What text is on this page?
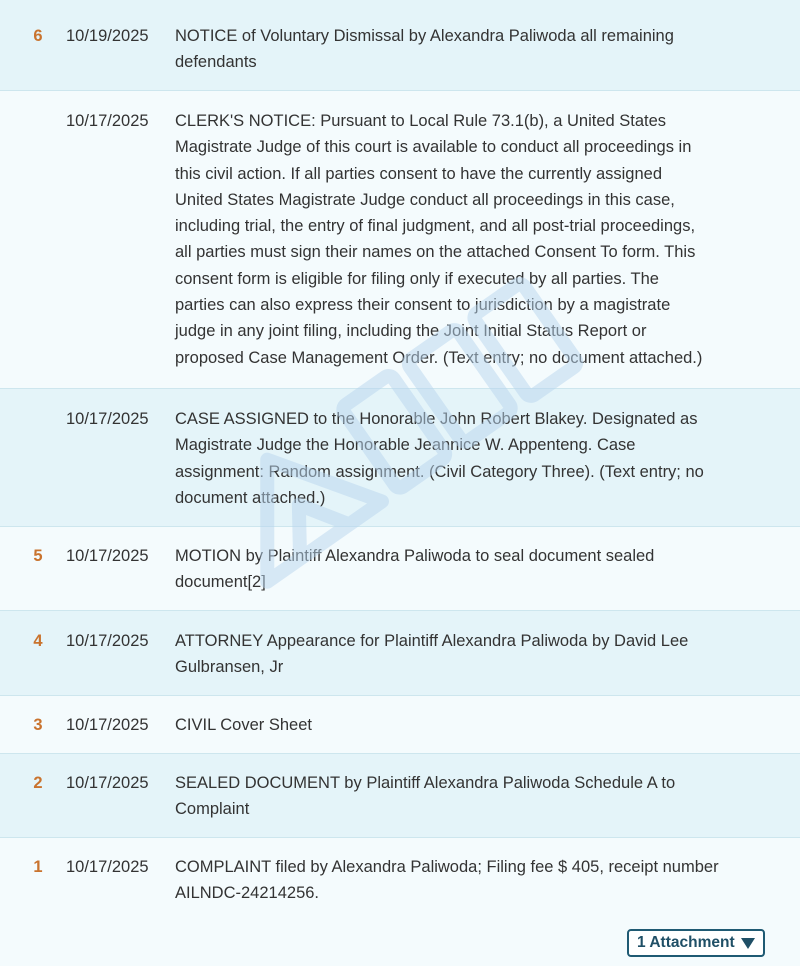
6 10/19/2025 NOTICE of Voluntary Dismissal by Alexandra Paliwoda all remaining
defendants
10/17/2025 CLERK'S NOTICE: Pursuant to Local Rule 73.1(b), a United States
Magistrate Judge of this court is available to conduct all proceedings in
this civil action. If all parties consent to have the currently assigned
United States Magistrate Judge conduct all proceedings in this case,
including trial, the entry of final judgment, and all post-trial proceedings,
all parties must sign their names on the attached Consent To form. This
consent form is eligible for filing only if executed by all parties. The
parties can also express their consent to jurisdiction by a magistrate
judge in any joint filing, including the Joint Initial Status Report or
proposed Case Management Order. (Text entry; no document attached.)
10/17/2025 CASE ASSIGNED to the Honorable John Robert Blakey. Designated as
Magistrate Judge the Honorable Jeannice W. Appenteng. Case
assignment: Random assignment. (Civil Category Three). (Text entry; no
document attached.)
5 10/17/2025 MOTION by Plaintiff Alexandra Paliwoda to seal document sealed
document[2]
4 10/17/2025 ATTORNEY Appearance for Plaintiff Alexandra Paliwoda by David Lee
Gulbransen, Jr
3 10/17/2025 CIVIL Cover Sheet
2 10/17/2025 SEALED DOCUMENT by Plaintiff Alexandra Paliwoda Schedule A to
Complaint
1 10/17/2025 COMPLAINT filed by Alexandra Paliwoda; Filing fee $ 405, receipt number
AILNDC-24214256.
1 Attachment
